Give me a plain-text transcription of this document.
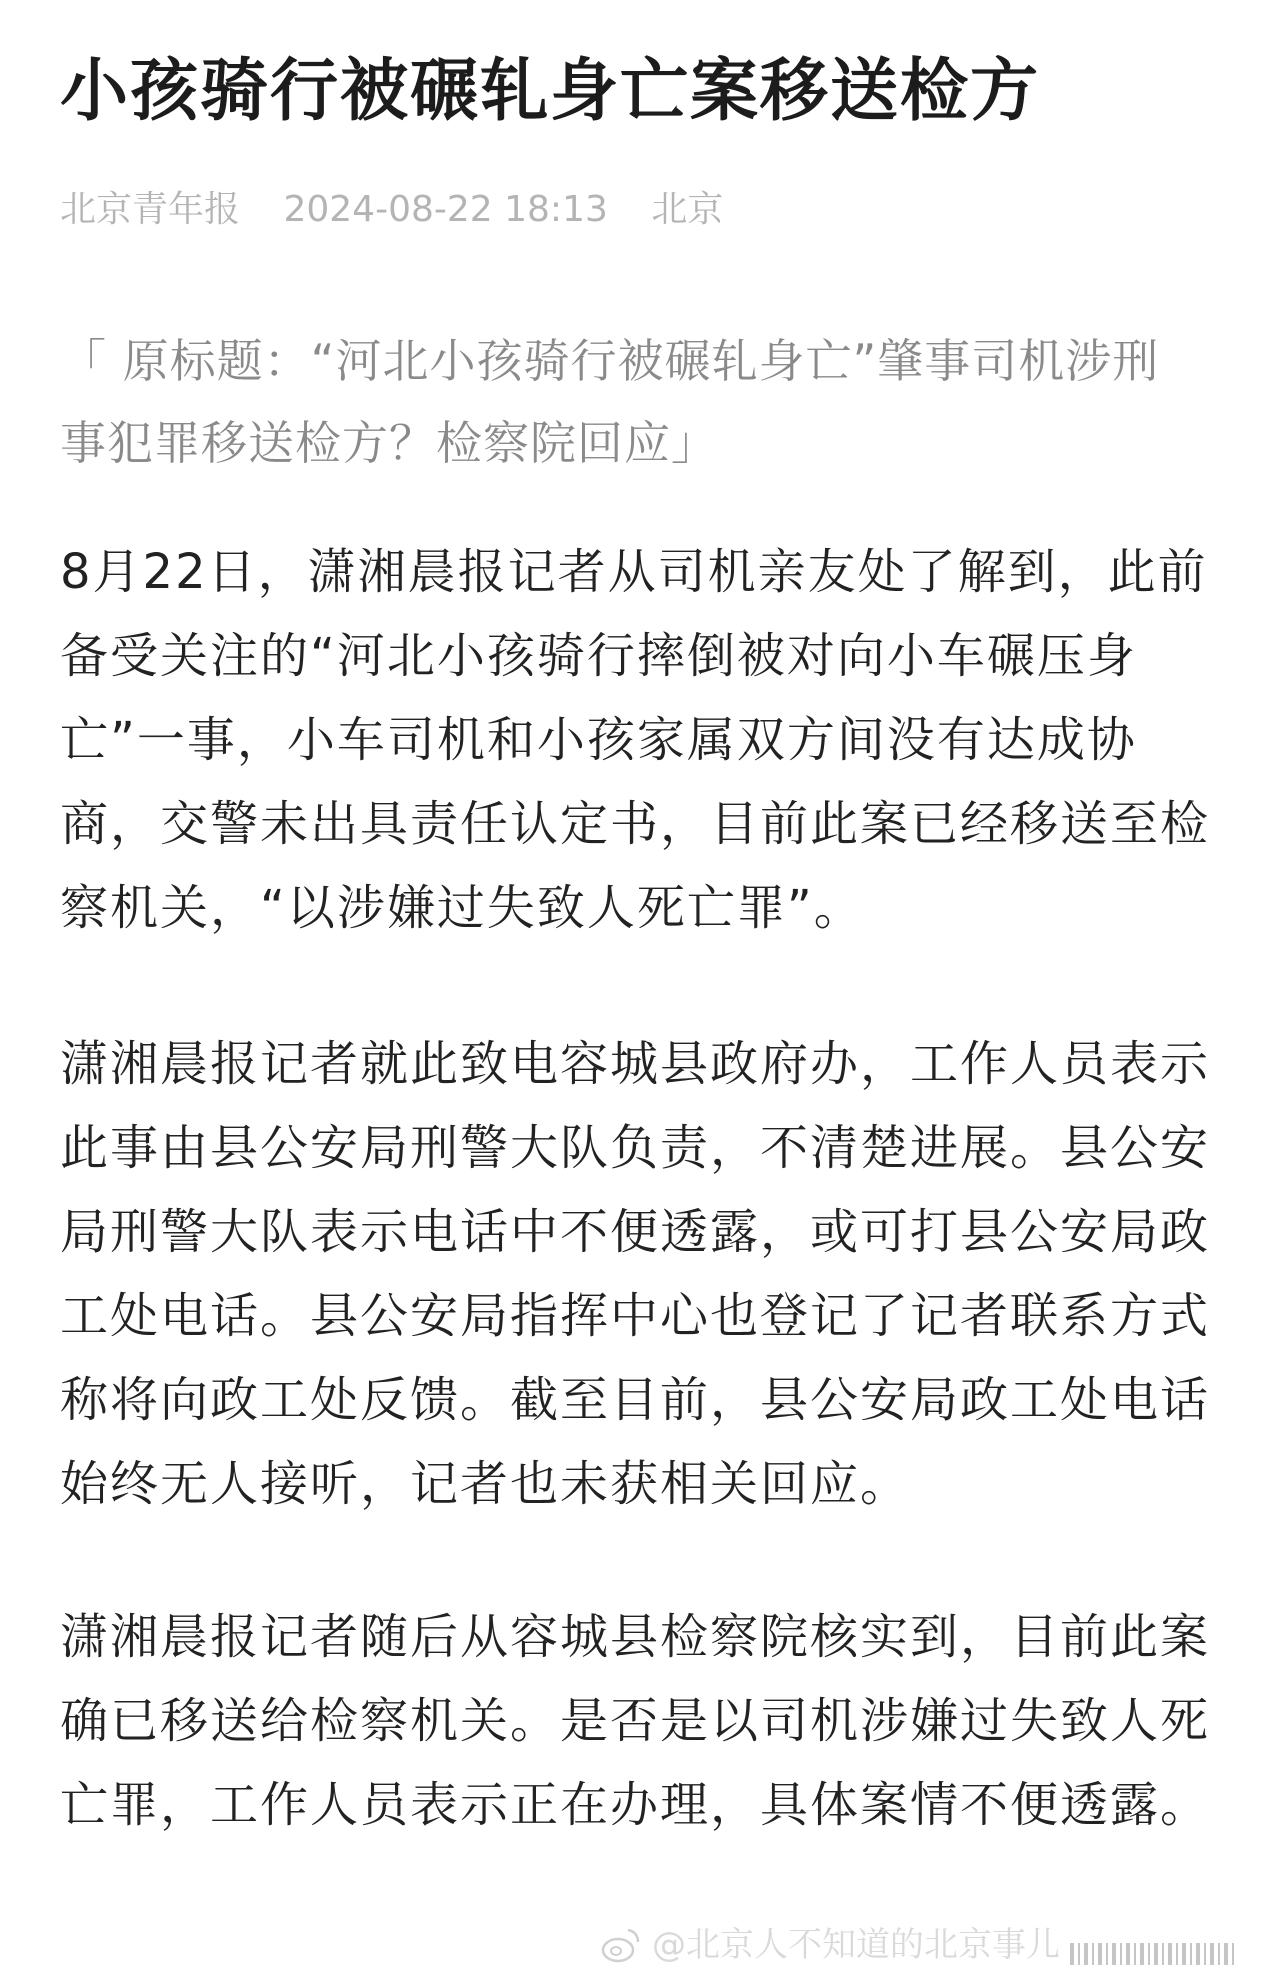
小孩骑行被碾轧身亡案移送检方
北京青年报 2024-08-22 18:13 北京
「 原标题：“河北小孩骑行被碾轧身亡”肇事司机涉刑事犯罪移送检方？检察院回应」

8月22日，潇湘晨报记者从司机亲友处了解到，此前备受关注的“河北小孩骑行摔倒被对向小车碾压身亡”一事，小车司机和小孩家属双方间没有达成协商，交警未出具责任认定书，目前此案已经移送至检察机关，“以涉嫌过失致人死亡罪”。

潇湘晨报记者就此致电容城县政府办，工作人员表示此事由县公安局刑警大队负责，不清楚进展。县公安局刑警大队表示电话中不便透露，或可打县公安局政工处电话。县公安局指挥中心也登记了记者联系方式称将向政工处反馈。截至目前，县公安局政工处电话始终无人接听，记者也未获相关回应。

潇湘晨报记者随后从容城县检察院核实到，目前此案确已移送给检察机关。是否是以司机涉嫌过失致人死亡罪，工作人员表示正在办理，具体案情不便透露。

@北京人不知道的北京事儿
